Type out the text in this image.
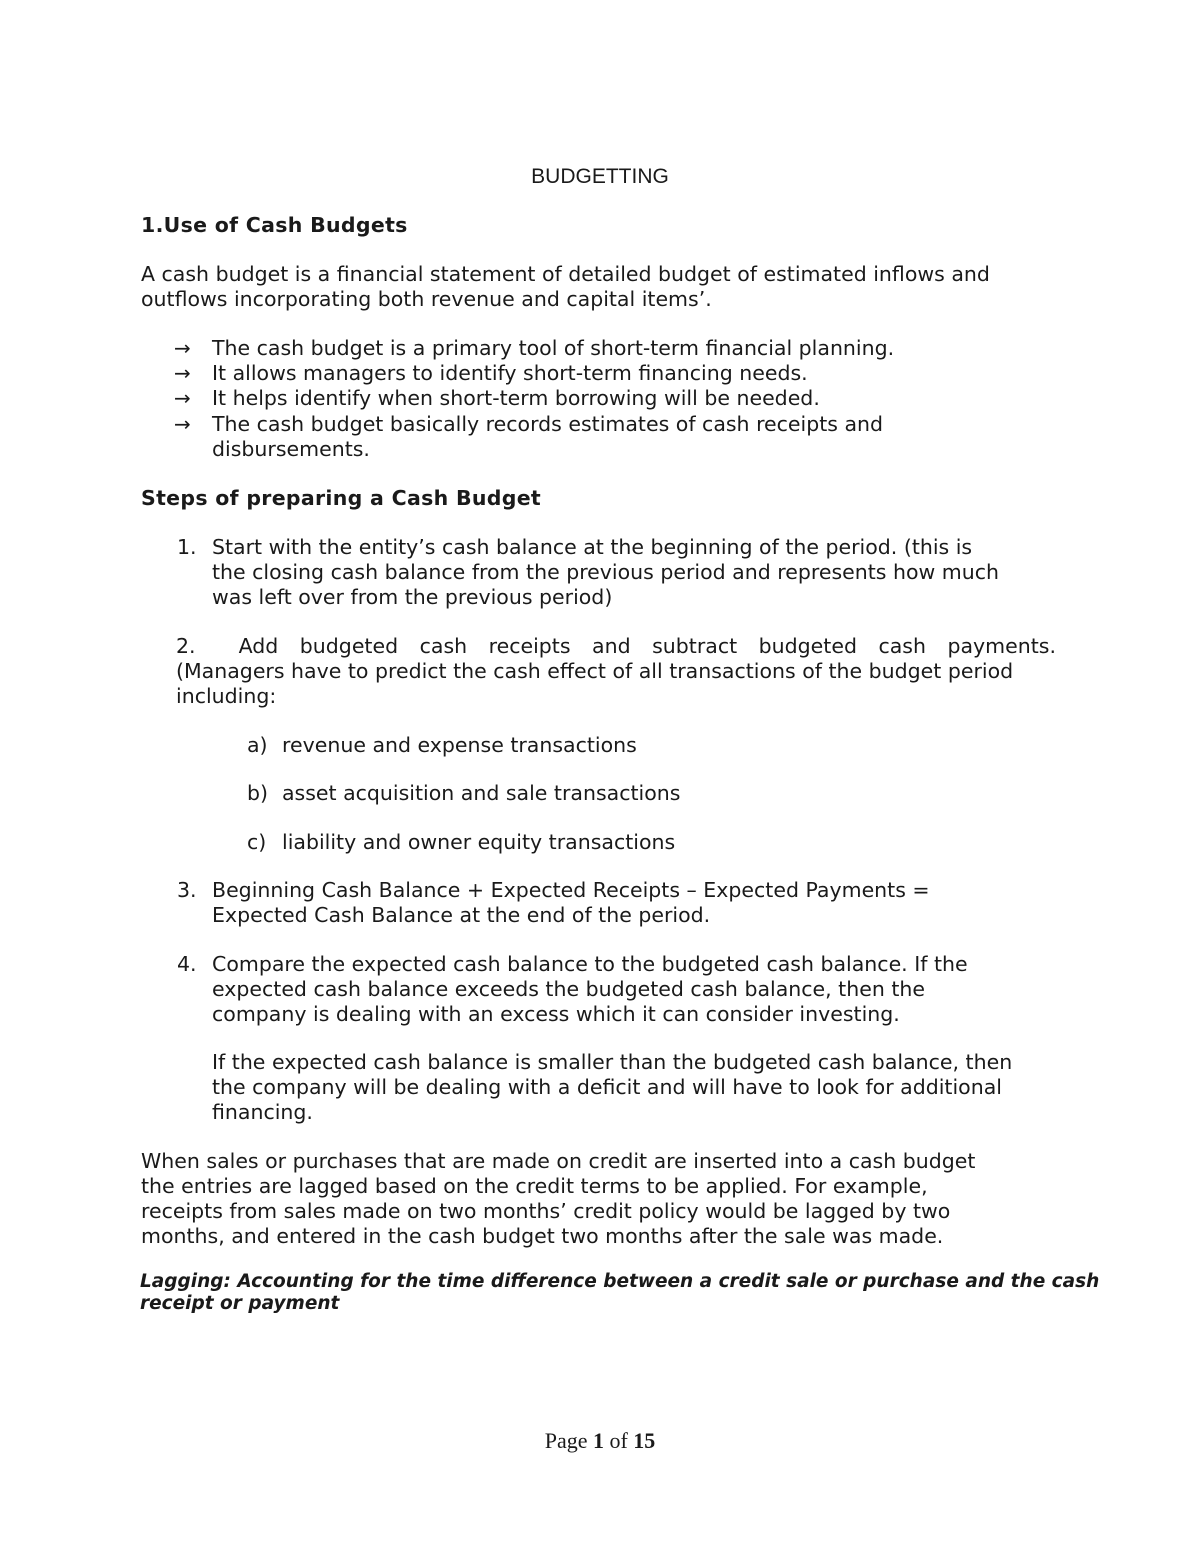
BUDGETTING
1.Use of Cash Budgets
A cash budget is a financial statement of detailed budget of estimated inflows and
outflows incorporating both revenue and capital items’.
→ The cash budget is a primary tool of short-term financial planning.
→ It allows managers to identify short-term financing needs.
→ It helps identify when short-term borrowing will be needed.
→ The cash budget basically records estimates of cash receipts and
disbursements.
Steps of preparing a Cash Budget
1. Start with the entity’s cash balance at the beginning of the period. (this is
the closing cash balance from the previous period and represents how much
was left over from the previous period)
2. Add budgeted cash receipts and subtract budgeted cash payments.
(Managers have to predict the cash effect of all transactions of the budget period
including:
a) revenue and expense transactions
b) asset acquisition and sale transactions
c) liability and owner equity transactions
3. Beginning Cash Balance + Expected Receipts – Expected Payments =
Expected Cash Balance at the end of the period.
4. Compare the expected cash balance to the budgeted cash balance. If the
expected cash balance exceeds the budgeted cash balance, then the
company is dealing with an excess which it can consider investing.
If the expected cash balance is smaller than the budgeted cash balance, then
the company will be dealing with a deficit and will have to look for additional
financing.
When sales or purchases that are made on credit are inserted into a cash budget
the entries are lagged based on the credit terms to be applied. For example,
receipts from sales made on two months’ credit policy would be lagged by two
months, and entered in the cash budget two months after the sale was made.
Lagging: Accounting for the time difference between a credit sale or purchase and the cash
receipt or payment
Page 1 of 15
